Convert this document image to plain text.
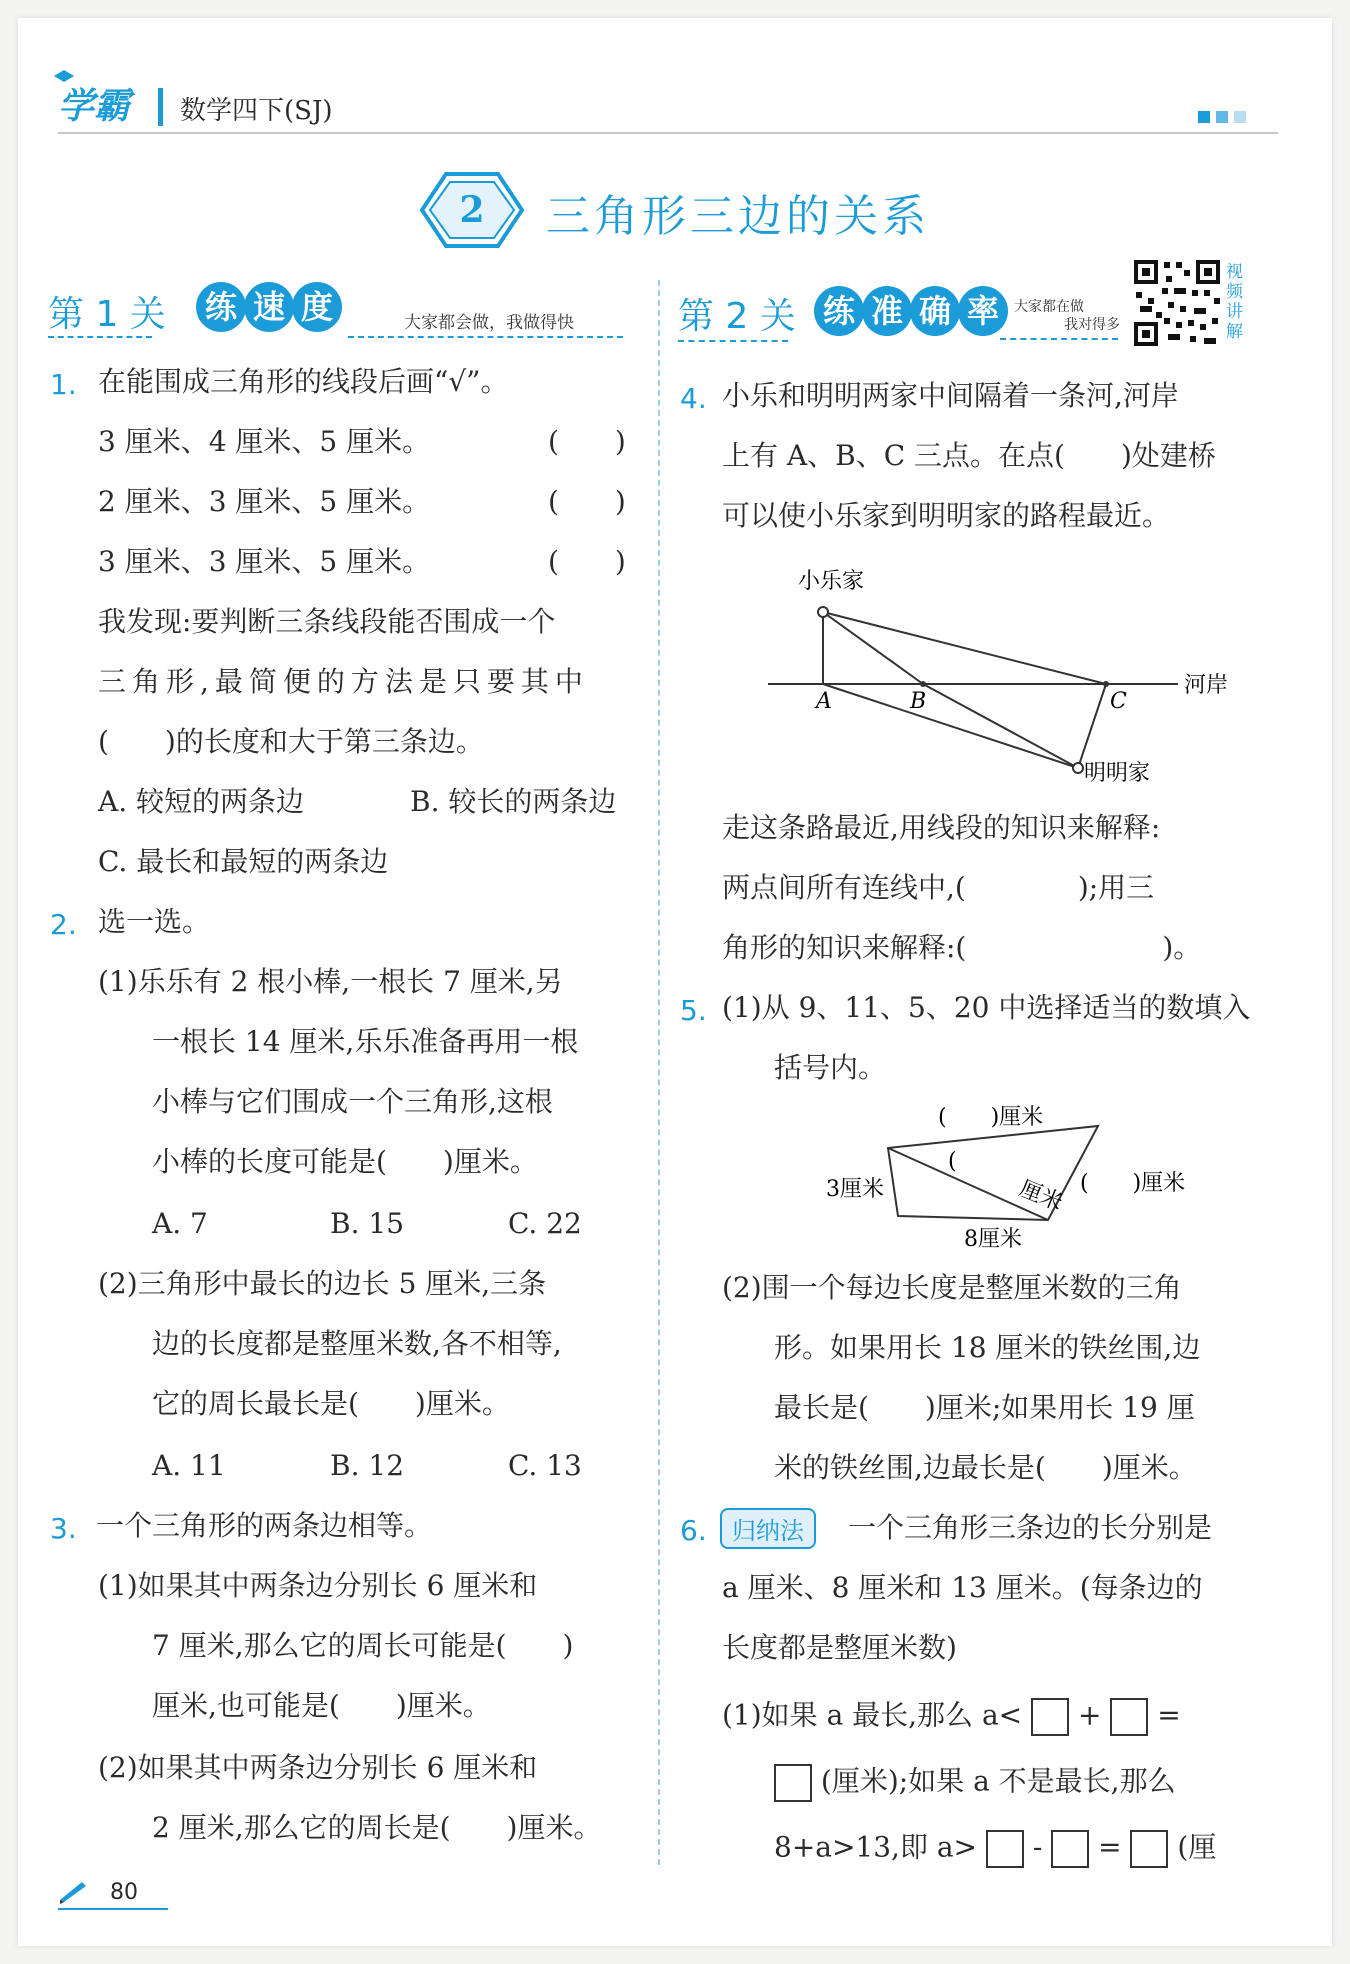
学霸 数学四下(SJ)
2 三角形三边的关系
第 1 关 练 速 度	大家都会做，我做得快	第 2 关 练 准 确 率	大家都在做
我对得多
视
频
讲
解
1. 在能围成三角形的线段后画“√”。
3 厘米、4 厘米、5 厘米。	(　　)
2 厘米、3 厘米、5 厘米。	(　　)
3 厘米、3 厘米、5 厘米。	(　　)
我发现:要判断三条线段能否围成一个
三角形,最简便的方法是只要其中
(　　)的长度和大于第三条边。
A. 较短的两条边	B. 较长的两条边
C. 最长和最短的两条边
2. 选一选。
(1)乐乐有 2 根小棒,一根长 7 厘米,另
一根长 14 厘米,乐乐准备再用一根
小棒与它们围成一个三角形,这根
小棒的长度可能是(　　)厘米。
A. 7	B. 15	C. 22
(2)三角形中最长的边长 5 厘米,三条
边的长度都是整厘米数,各不相等,
它的周长最长是(　　)厘米。
A. 11	B. 12	C. 13
3. 一个三角形的两条边相等。
(1)如果其中两条边分别长 6 厘米和
7 厘米,那么它的周长可能是(　　)
厘米,也可能是(　　)厘米。
(2)如果其中两条边分别长 6 厘米和
2 厘米,那么它的周长是(　　)厘米。
4. 小乐和明明两家中间隔着一条河,河岸
上有 A、B、C 三点。在点(　　)处建桥
可以使小乐家到明明家的路程最近。
小乐家
明明家
河岸
A	B	C
走这条路最近,用线段的知识来解释:
两点间所有连线中,(　　　　);用三
角形的知识来解释:(　　　　　　　)。
5. (1)从 9、11、5、20 中选择适当的数填入
括号内。
(　　)厘米
3厘米
8厘米
厘米 (　　)厘米
(
(2)围一个每边长度是整厘米数的三角
形。如果用长 18 厘米的铁丝围,边
最长是(　　)厘米;如果用长 19 厘
米的铁丝围,边最长是(　　)厘米。
6.	归纳法	一个三角形三条边的长分别是
a 厘米、8 厘米和 13 厘米。(每条边的
长度都是整厘米数)
(1)如果 a 最长,那么 a< + =
(厘米);如果 a 不是最长,那么
8+a>13,即 a> - = (厘
80
